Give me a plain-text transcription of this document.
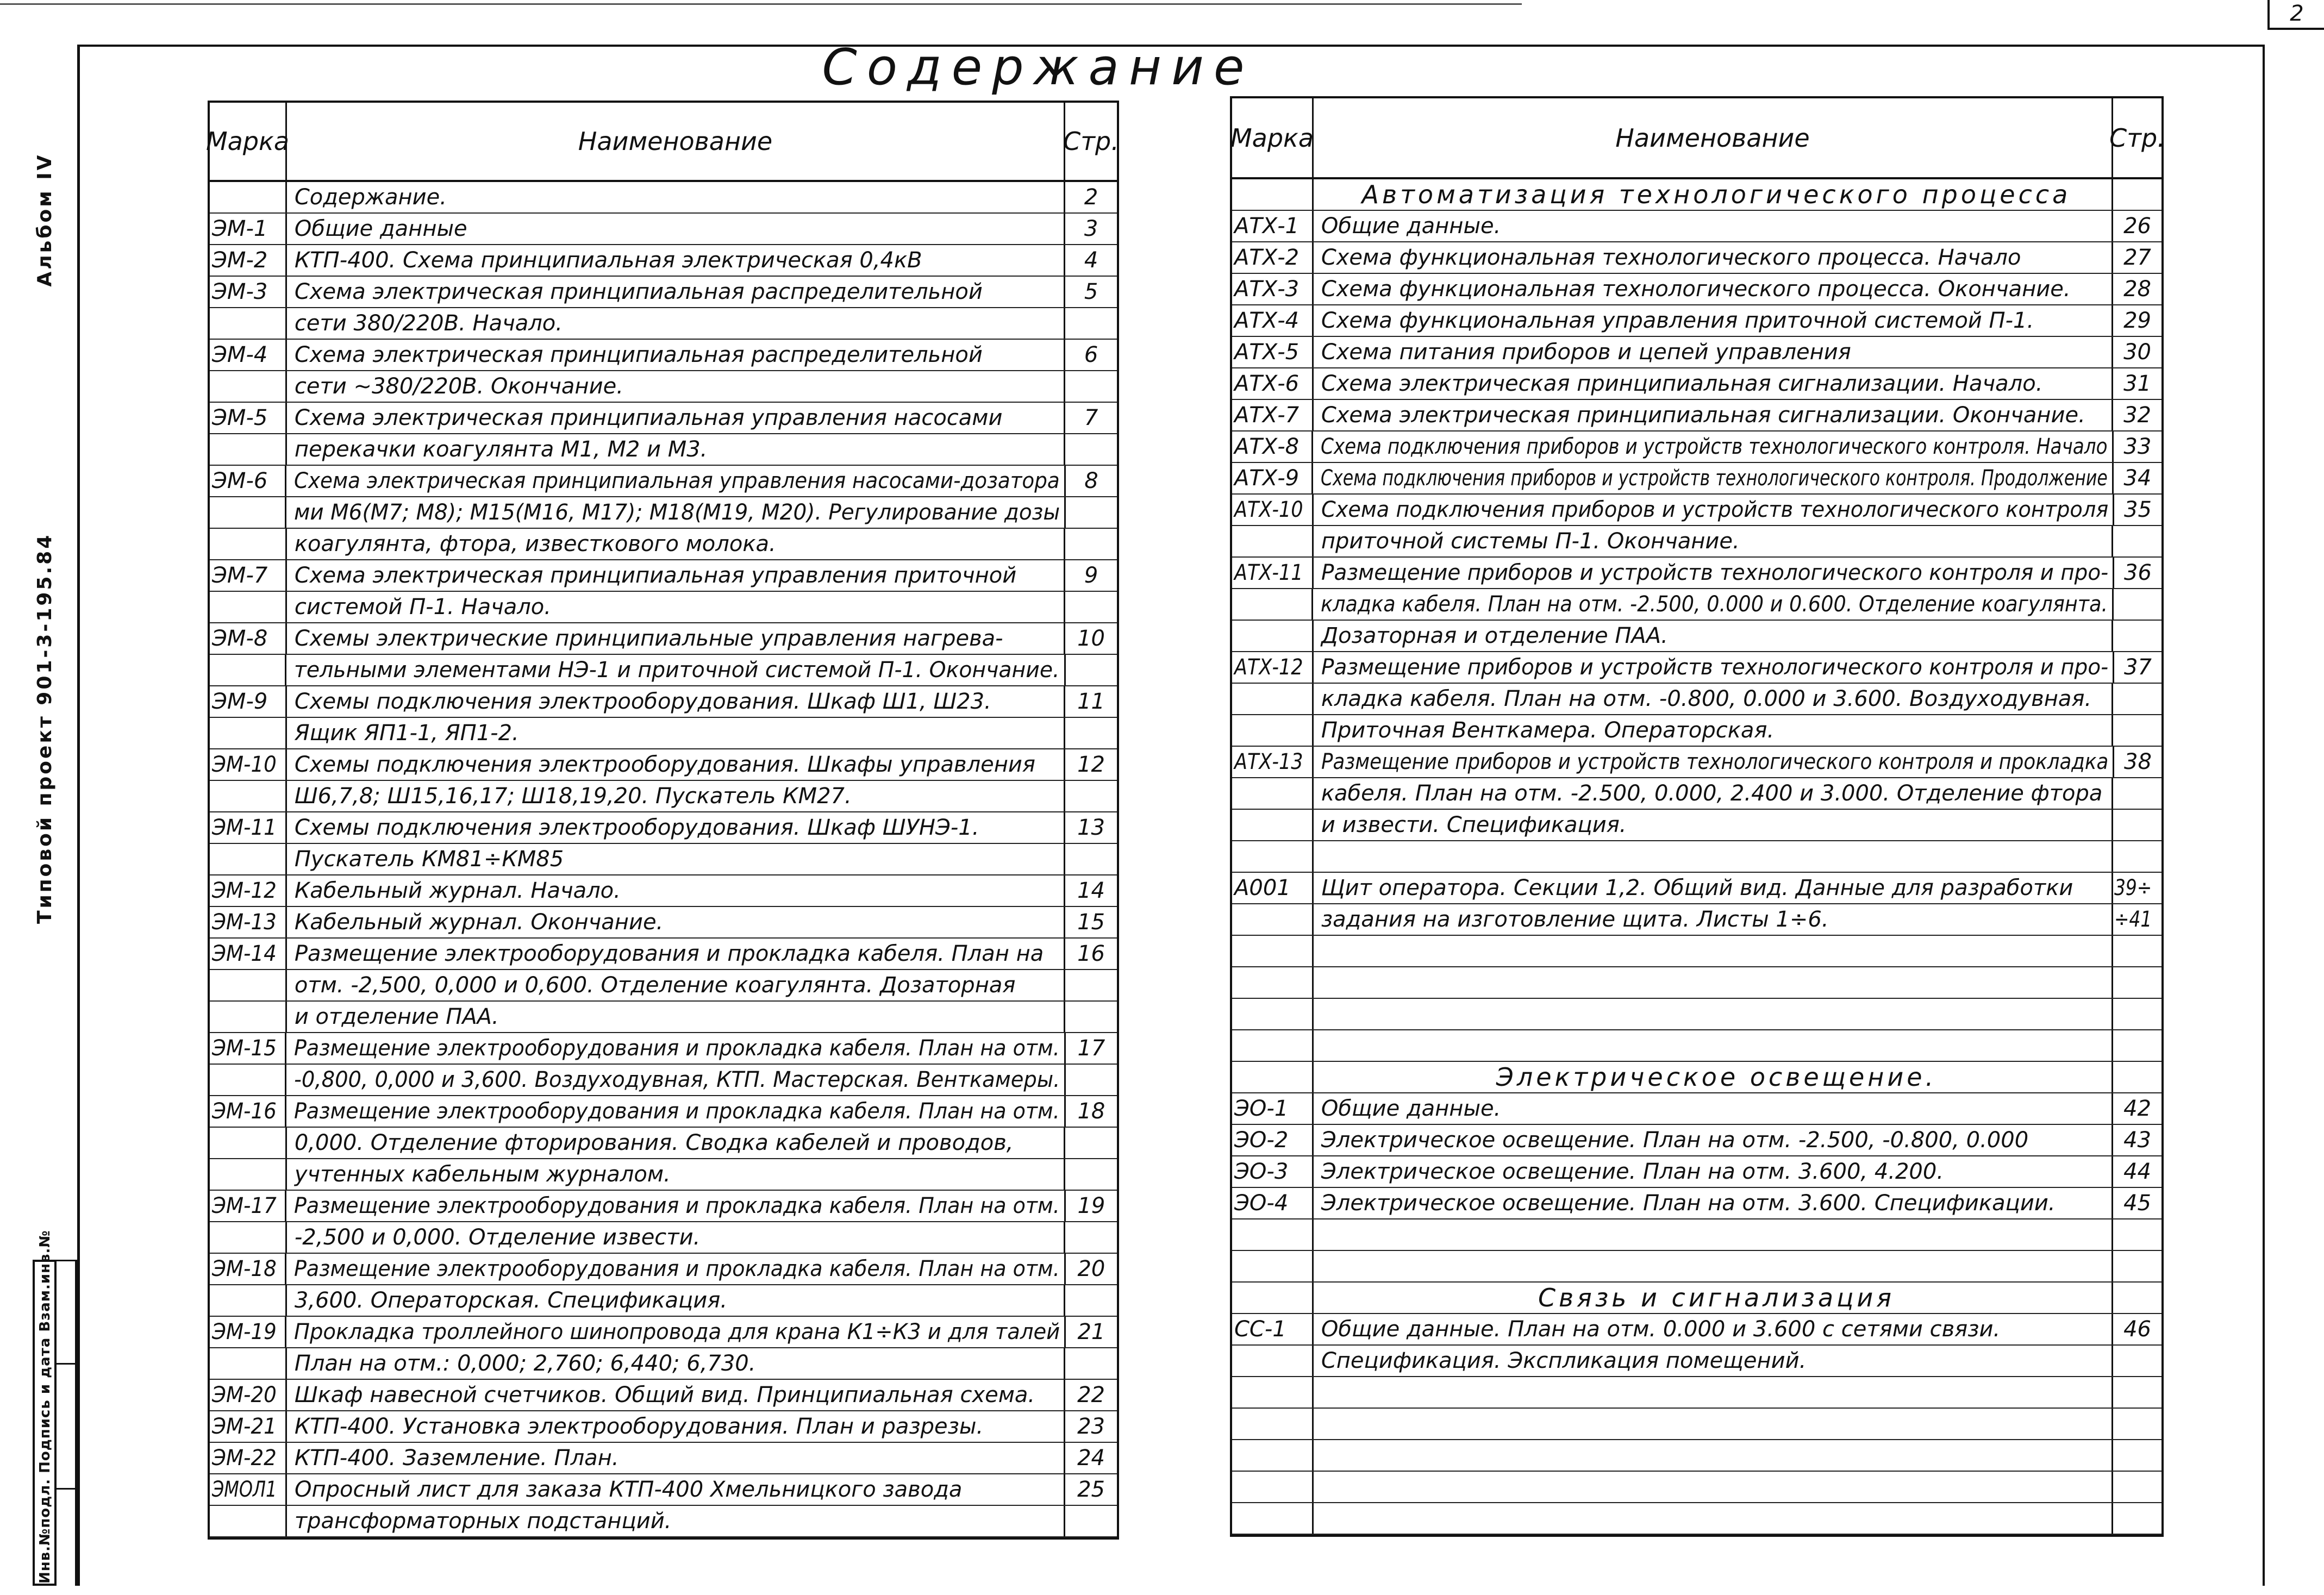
2
Содержание
Типовой проект 901-3-195.84  Альбом IV
Инв.№подл. Подпись и дата Взам.инв.№
Марка	Наименование	Стр.
Содержание.	2
ЭМ-1	Общие данные	3
ЭМ-2	КТП-400. Схема принципиальная электрическая 0,4кВ	4
ЭМ-3	Схема электрическая принципиальная распределительной	5
сети 380/220В. Начало.
ЭМ-4	Схема электрическая принципиальная распределительной	6
сети ~380/220В. Окончание.
ЭМ-5	Схема электрическая принципиальная управления насосами	7
перекачки коагулянта М1, М2 и М3.
ЭМ-6	Схема электрическая принципиальная управления насосами-дозатора	8
ми М6(М7; М8); М15(М16, М17); М18(М19, М20). Регулирование дозы
коагулянта, фтора, известкового молока.
ЭМ-7	Схема электрическая принципиальная управления приточной	9
системой П-1. Начало.
ЭМ-8	Схемы электрические принципиальные управления нагрева-	10
тельными элементами НЭ-1 и приточной системой П-1. Окончание.
ЭМ-9	Схемы подключения электрооборудования. Шкаф Ш1, Ш23.	11
Ящик ЯП1-1, ЯП1-2.
ЭМ-10 Схемы подключения электрооборудования. Шкафы управления	12
Ш6,7,8; Ш15,16,17; Ш18,19,20. Пускатель КМ27.
ЭМ-11 Схемы подключения электрооборудования. Шкаф ШУНЭ-1.	13
Пускатель КМ81÷КМ85
ЭМ-12 Кабельный журнал. Начало.	14
ЭМ-13 Кабельный журнал. Окончание.	15
ЭМ-14 Размещение электрооборудования и прокладка кабеля. План на	16
отм. -2,500, 0,000 и 0,600. Отделение коагулянта. Дозаторная
и отделение ПАА.
ЭМ-15 Размещение электрооборудования и прокладка кабеля. План на отм. 17
-0,800, 0,000 и 3,600. Воздуходувная, КТП. Мастерская. Венткамеры.
ЭМ-16 Размещение электрооборудования и прокладка кабеля. План на отм. 18
0,000. Отделение фторирования. Сводка кабелей и проводов,
учтенных кабельным журналом.
ЭМ-17 Размещение электрооборудования и прокладка кабеля. План на отм. 19
-2,500 и 0,000. Отделение извести.
ЭМ-18 Размещение электрооборудования и прокладка кабеля. План на отм. 20
3,600. Операторская. Спецификация.
ЭМ-19 Прокладка троллейного шинопровода для крана К1÷К3 и для талей 21
План на отм.: 0,000; 2,760; 6,440; 6,730.
ЭМ-20 Шкаф навесной счетчиков. Общий вид. Принципиальная схема.	22
ЭМ-21 КТП-400. Установка электрооборудования. План и разрезы.	23
ЭМ-22 КТП-400. Заземление. План.	24
ЭМОЛ1 Опросный лист для заказа КТП-400 Хмельницкого завода	25
трансформаторных подстанций.
Марка	Наименование	Стр.
Автоматизация технологического процесса
АТХ-1	Общие данные.	26
АТХ-2	Схема функциональная технологического процесса. Начало	27
АТХ-3	Схема функциональная технологического процесса. Окончание.	28
АТХ-4	Схема функциональная управления приточной системой П-1.	29
АТХ-5	Схема питания приборов и цепей управления	30
АТХ-6	Схема электрическая принципиальная сигнализации. Начало.	31
АТХ-7	Схема электрическая принципиальная сигнализации. Окончание.	32
АТХ-8 Схема подключения приборов и устройств технологического контроля. Начало 33
АТХ-9 Схема подключения приборов и устройств технологического контроля. Продолжение 34
АТХ-10 Схема подключения приборов и устройств технологического контроля 35
приточной системы П-1. Окончание.
АТХ-11 Размещение приборов и устройств технологического контроля и про- 36
кладка кабеля. План на отм. -2.500, 0.000 и 0.600. Отделение коагулянта.
Дозаторная и отделение ПАА.
АТХ-12 Размещение приборов и устройств технологического контроля и про- 37
кладка кабеля. План на отм. -0.800, 0.000 и 3.600. Воздуходувная.
Приточная Венткамера. Операторская.
АТХ-13 Размещение приборов и устройств технологического контроля и прокладка 38
кабеля. План на отм. -2.500, 0.000, 2.400 и 3.000. Отделение фтора
и извести. Спецификация.
А001	Щит оператора. Секции 1,2. Общий вид. Данные для разработки	39÷
задания на изготовление щита. Листы 1÷6.	÷41
Электрическое освещение.
ЭО-1	Общие данные.	42
ЭО-2	Электрическое освещение. План на отм. -2.500, -0.800, 0.000	43
ЭО-3	Электрическое освещение. План на отм. 3.600, 4.200.	44
ЭО-4	Электрическое освещение. План на отм. 3.600. Спецификации.	45
Связь и сигнализация
СС-1	Общие данные. План на отм. 0.000 и 3.600 с сетями связи.	46
Спецификация. Экспликация помещений.
